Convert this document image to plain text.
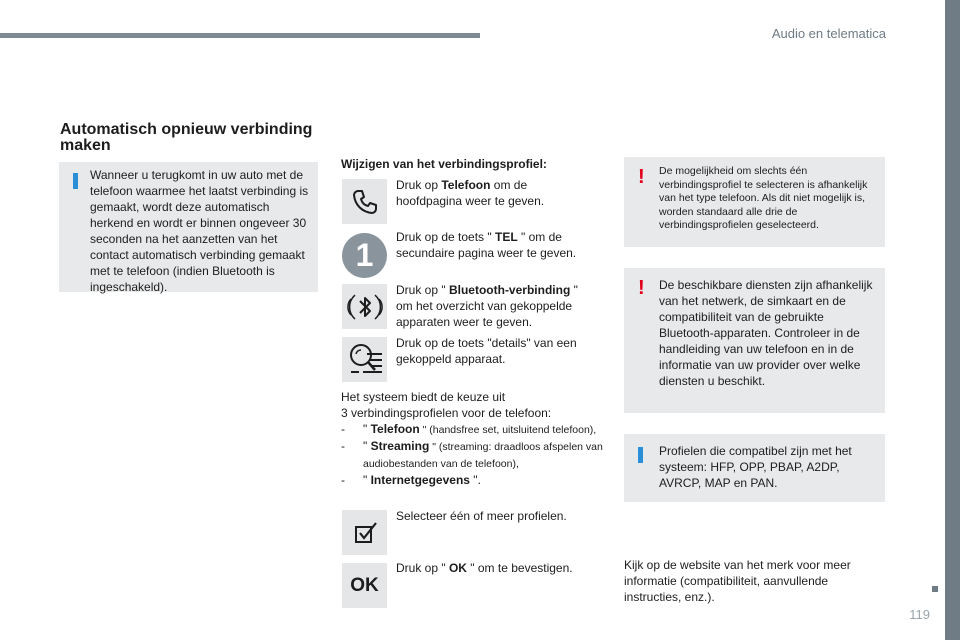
Audio en telematica
119
Automatisch opnieuw verbinding maken

Wanneer u terugkomt in uw auto met de telefoon waarmee het laatst verbinding is gemaakt, wordt deze automatisch herkend en wordt er binnen ongeveer 30 seconden na het aanzetten van het contact automatisch verbinding gemaakt met te telefoon (indien Bluetooth is ingeschakeld).

Wijzigen van het verbindingsprofiel:
Druk op Telefoon om de hoofdpagina weer te geven.
1	Druk op de toets " TEL " om de secundaire pagina weer te geven.
Druk op " Bluetooth-verbinding " om het overzicht van gekoppelde apparaten weer te geven.
Druk op de toets "details" van een gekoppeld apparaat.
Het systeem biedt de keuze uit
3 verbindingsprofielen voor de telefoon:
-	" Telefoon " (handsfree set, uitsluitend telefoon),
-	" Streaming " (streaming: draadloos afspelen van audiobestanden van de telefoon),
-	" Internetgegevens ".
Selecteer één of meer profielen.
OK
Druk op " OK " om te bevestigen.
! De mogelijkheid om slechts één verbindingsprofiel te selecteren is afhankelijk van het type telefoon. Als dit niet mogelijk is, worden standaard alle drie de verbindingsprofielen geselecteerd.

! De beschikbare diensten zijn afhankelijk van het netwerk, de simkaart en de compatibiliteit van de gebruikte Bluetooth-apparaten. Controleer in de handleiding van uw telefoon en in de informatie van uw provider over welke diensten u beschikt.

Profielen die compatibel zijn met het systeem: HFP, OPP, PBAP, A2DP, AVRCP, MAP en PAN.

Kijk op de website van het merk voor meer informatie (compatibiliteit, aanvullende instructies, enz.).
